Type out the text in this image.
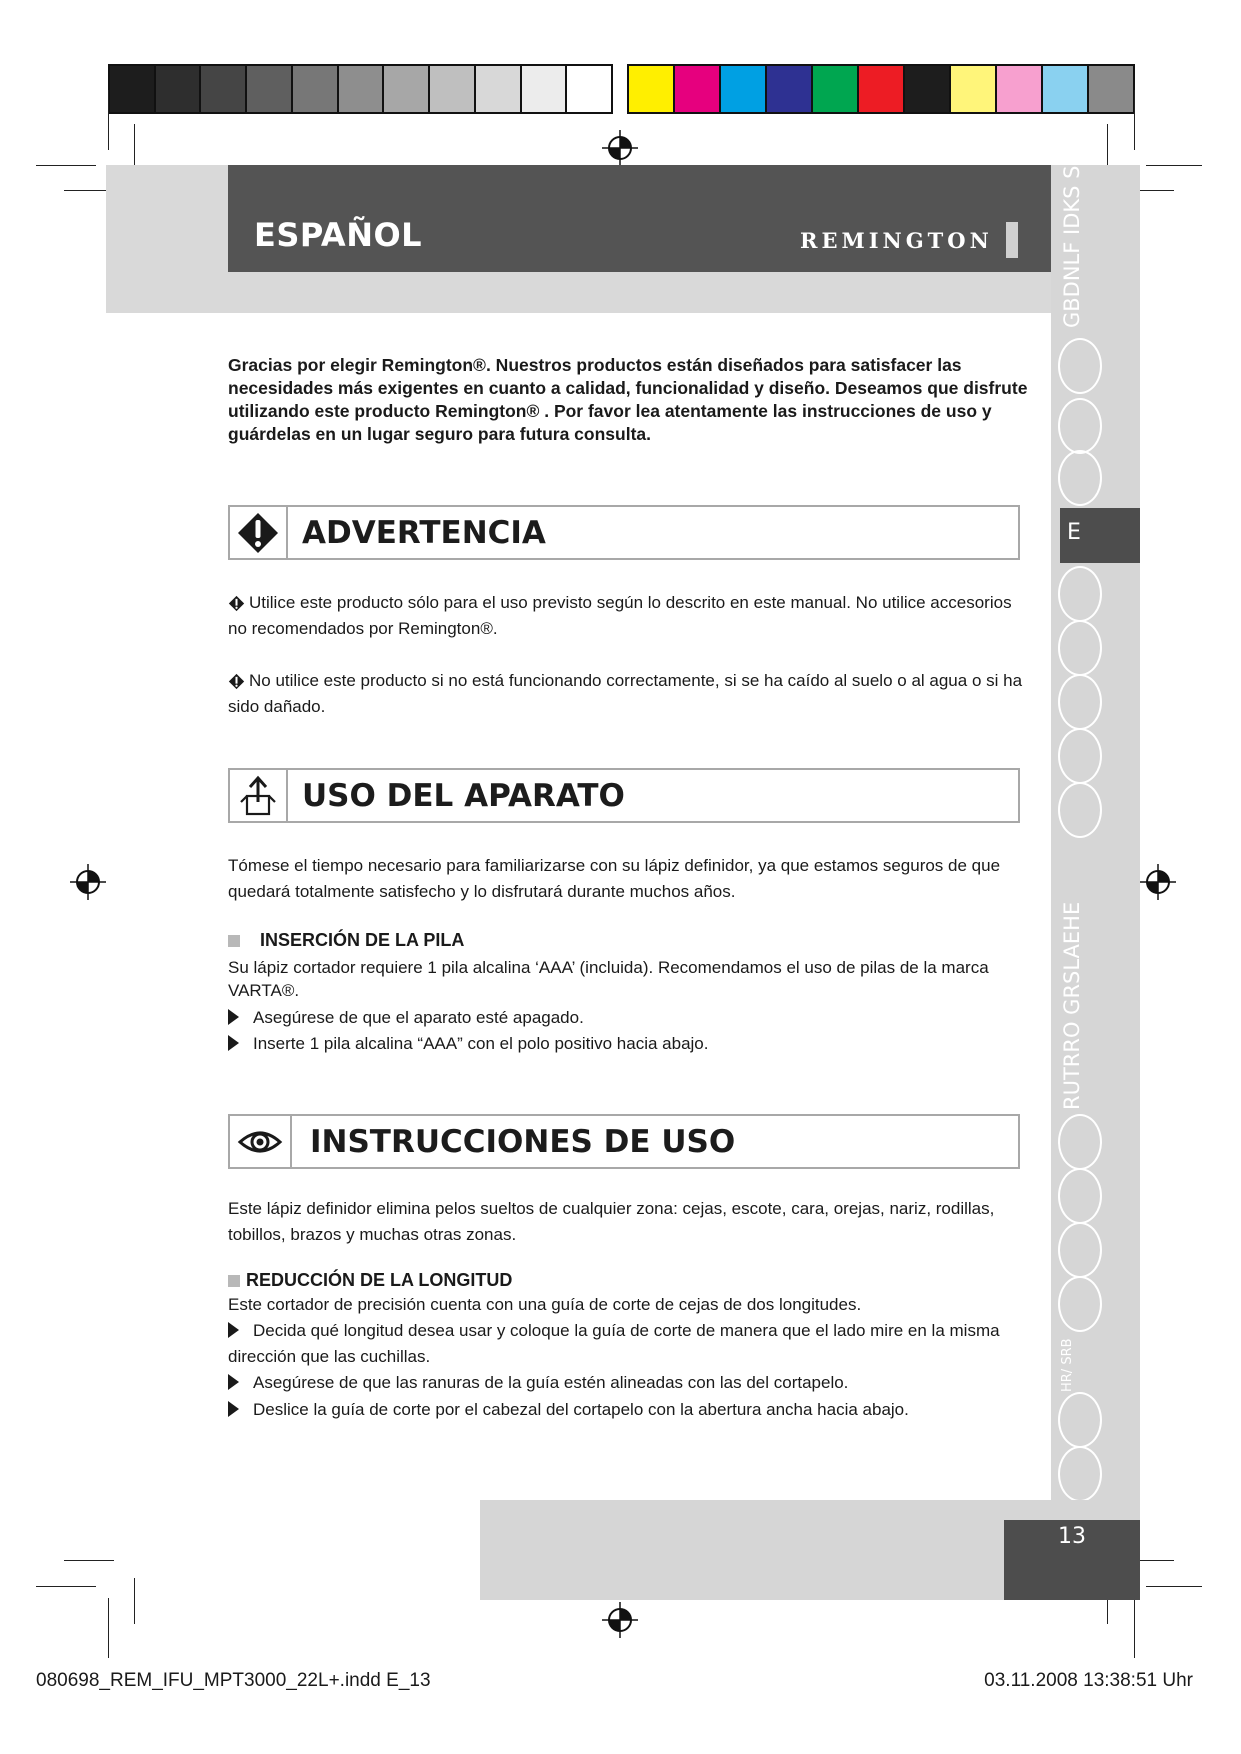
ESPAÑOL	REMINGTON	GBDNLF IDKS SKCZ
E
RUTRRO GRSLAEHE
HR/ SRB
Gracias por elegir Remington®. Nuestros productos están diseñados para satisfacer las necesidades más exigentes en cuanto a calidad, funcionalidad y diseño. Deseamos que disfrute utilizando este producto Remington® . Por favor lea atentamente las instrucciones de uso y guárdelas en un lugar seguro para futura consulta.
ADVERTENCIA
Utilice este producto sólo para el uso previsto según lo descrito en este manual. No utilice accesorios no recomendados por Remington®.
No utilice este producto si no está funcionando correctamente, si se ha caído al suelo o al agua o si ha sido dañado.
USO DEL APARATO
Tómese el tiempo necesario para familiarizarse con su lápiz definidor, ya que estamos seguros de que quedará totalmente satisfecho y lo disfrutará durante muchos años.
INSERCIÓN DE LA PILA
Su lápiz cortador requiere 1 pila alcalina ‘AAA’ (incluida). Recomendamos el uso de pilas de la marca VARTA®.
Asegúrese de que el aparato esté apagado.
Inserte 1 pila alcalina “AAA” con el polo positivo hacia abajo.
INSTRUCCIONES DE USO
Este lápiz definidor elimina pelos sueltos de cualquier zona: cejas, escote, cara, orejas, nariz, rodillas, tobillos, brazos y muchas otras zonas.
REDUCCIÓN DE LA LONGITUD
Este cortador de precisión cuenta con una guía de corte de cejas de dos longitudes.
Decida qué longitud desea usar y coloque la guía de corte de manera que el lado mire en la misma dirección que las cuchillas.
Asegúrese de que las ranuras de la guía estén alineadas con las del cortapelo.
Deslice la guía de corte por el cabezal del cortapelo con la abertura ancha hacia abajo.
13
080698_REM_IFU_MPT3000_22L+.indd E_13	03.11.2008 13:38:51 Uhr
